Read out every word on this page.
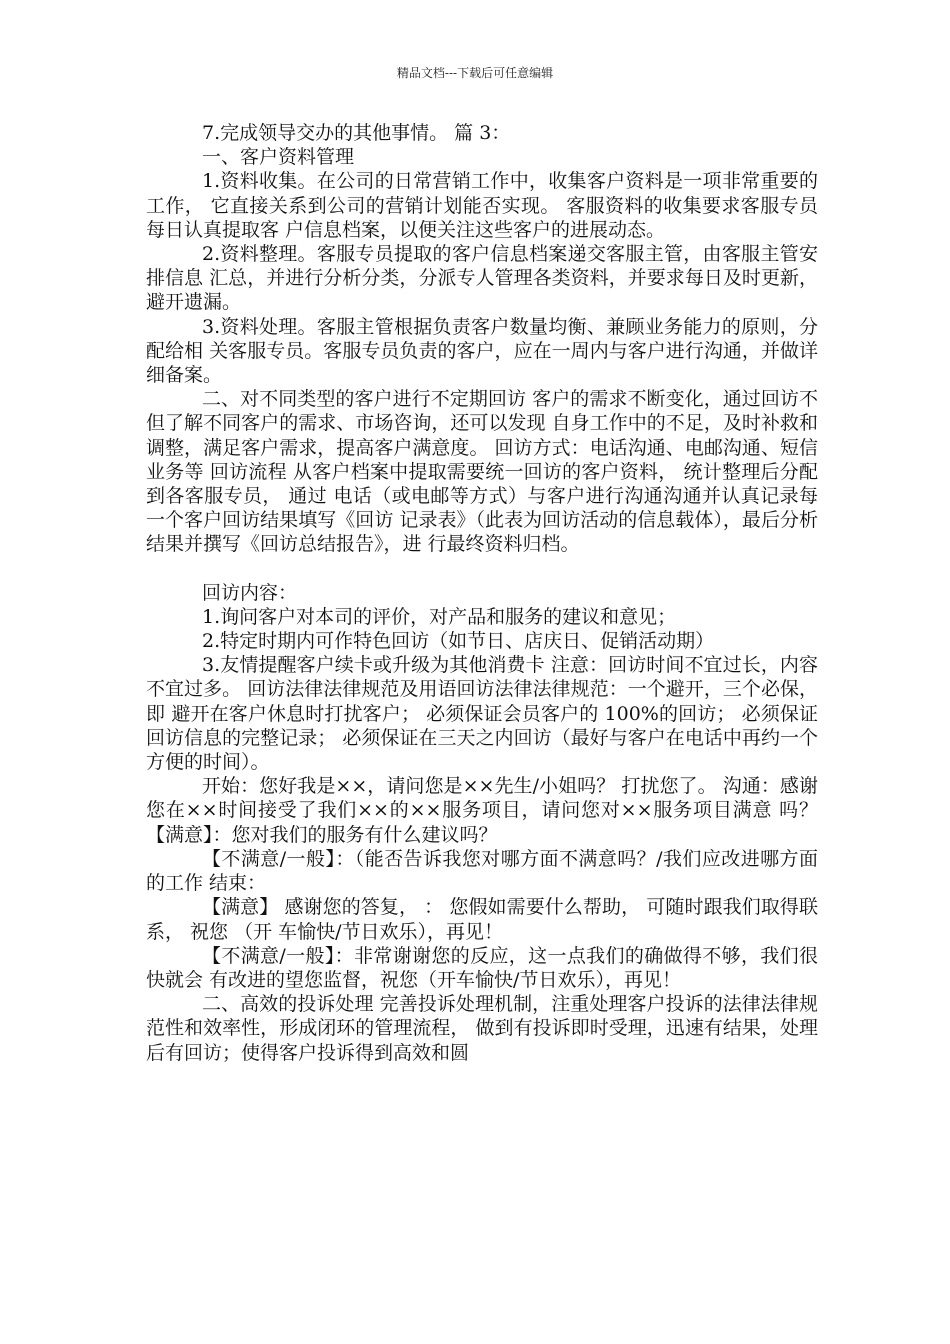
精品文档---下载后可任意编辑

7.完成领导交办的其他事情。 篇 3：

一、客户资料管理

1.资料收集。在公司的日常营销工作中，收集客户资料是一项非常重要的工作， 它直接关系到公司的营销计划能否实现。 客服资料的收集要求客服专员每日认真提取客 户信息档案，以便关注这些客户的进展动态。

2.资料整理。客服专员提取的客户信息档案递交客服主管，由客服主管安排信息 汇总，并进行分析分类，分派专人管理各类资料，并要求每日及时更新，避开遗漏。

3.资料处理。客服主管根据负责客户数量均衡、兼顾业务能力的原则，分配给相 关客服专员。客服专员负责的客户，应在一周内与客户进行沟通，并做详细备案。

二、对不同类型的客户进行不定期回访 客户的需求不断变化，通过回访不但了解不同客户的需求、市场咨询，还可以发现 自身工作中的不足，及时补救和调整，满足客户需求，提高客户满意度。 回访方式：电话沟通、电邮沟通、短信业务等 回访流程 从客户档案中提取需要统一回访的客户资料， 统计整理后分配到各客服专员， 通过 电话（或电邮等方式）与客户进行沟通沟通并认真记录每一个客户回访结果填写《回访 记录表》（此表为回访活动的信息载体），最后分析结果并撰写《回访总结报告》，进 行最终资料归档。

回访内容：

1.询问客户对本司的评价，对产品和服务的建议和意见；

2.特定时期内可作特色回访（如节日、店庆日、促销活动期）

3.友情提醒客户续卡或升级为其他消费卡 注意：回访时间不宜过长，内容不宜过多。 回访法律法律规范及用语回访法律法律规范：一个避开，三个必保，即 避开在客户休息时打扰客户； 必须保证会员客户的 100%的回访； 必须保证回访信息的完整记录； 必须保证在三天之内回访（最好与客户在电话中再约一个方便的时间）。

开始：您好我是××，请问您是××先生/小姐吗？ 打扰您了。 沟通：感谢您在××时间接受了我们××的××服务项目，请问您对××服务项目满意 吗？ 【满意】：您对我们的服务有什么建议吗？

【不满意/一般】：（能否告诉我您对哪方面不满意吗？/我们应改进哪方面的工作 结束：

【满意】 感谢您的答复， ： 您假如需要什么帮助， 可随时跟我们取得联系， 祝您 （开 车愉快/节日欢乐），再见！

【不满意/一般】：非常谢谢您的反应，这一点我们的确做得不够，我们很快就会 有改进的望您监督，祝您（开车愉快/节日欢乐），再见！

二、高效的投诉处理 完善投诉处理机制，注重处理客户投诉的法律法律规范性和效率性，形成闭环的管理流程， 做到有投诉即时受理，迅速有结果，处理后有回访；使得客户投诉得到高效和圆
